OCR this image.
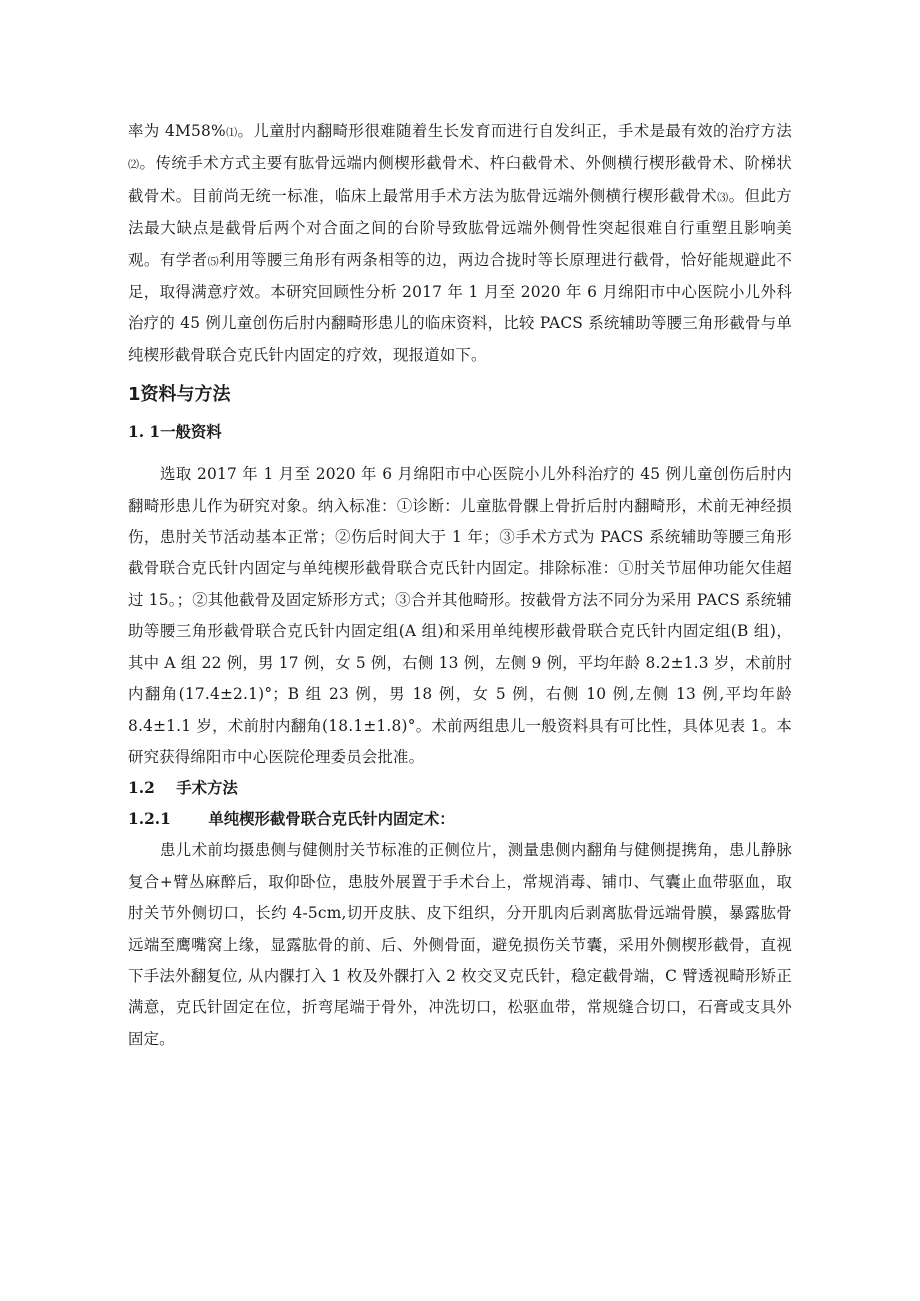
率为 4M58%⑴。儿童肘内翻畸形很难随着生长发育而进行自发纠正，手术是最有效的治疗方法⑵。传统手术方式主要有肱骨远端内侧楔形截骨术、杵臼截骨术、外侧横行楔形截骨术、阶梯状截骨术。目前尚无统一标准，临床上最常用手术方法为肱骨远端外侧横行楔形截骨术⑶。但此方法最大缺点是截骨后两个对合面之间的台阶导致肱骨远端外侧骨性突起很难自行重塑且影响美观。有学者⑸利用等腰三角形有两条相等的边，两边合拢时等长原理进行截骨，恰好能规避此不足，取得满意疗效。本研究回顾性分析 2017 年 1 月至 2020 年 6 月绵阳市中心医院小儿外科治疗的 45 例儿童创伤后肘内翻畸形患儿的临床资料，比较 PACS 系统辅助等腰三角形截骨与单纯楔形截骨联合克氏针内固定的疗效，现报道如下。

1资料与方法
1. 1一般资料

选取 2017 年 1 月至 2020 年 6 月绵阳市中心医院小儿外科治疗的 45 例儿童创伤后肘内翻畸形患儿作为研究对象。纳入标准：①诊断：儿童肱骨髁上骨折后肘内翻畸形，术前无神经损伤，患肘关节活动基本正常；②伤后时间大于 1 年；③手术方式为 PACS 系统辅助等腰三角形截骨联合克氏针内固定与单纯楔形截骨联合克氏针内固定。排除标准：①肘关节屈伸功能欠佳超过 15。；②其他截骨及固定矫形方式；③合并其他畸形。按截骨方法不同分为采用 PACS 系统辅助等腰三角形截骨联合克氏针内固定组(A 组)和采用单纯楔形截骨联合克氏针内固定组(B 组)，其中 A 组 22 例，男 17 例，女 5 例，右侧 13 例，左侧 9 例，平均年龄 8.2±1.3 岁，术前肘内翻角(17.4±2.1)°；B 组 23 例，男 18 例，女 5 例，右侧 10 例,左侧 13 例,平均年龄 8.4±1.1 岁，术前肘内翻角(18.1±1.8)°。术前两组患儿一般资料具有可比性，具体见表 1。本研究获得绵阳市中心医院伦理委员会批准。

1.2    手术方法
1.2.1       单纯楔形截骨联合克氏针内固定术：

患儿术前均摄患侧与健侧肘关节标准的正侧位片，测量患侧内翻角与健侧提携角，患儿静脉复合+臂丛麻醉后，取仰卧位，患肢外展置于手术台上，常规消毒、铺巾、气囊止血带驱血，取肘关节外侧切口，长约 4-5cm,切开皮肤、皮下组织，分开肌肉后剥离肱骨远端骨膜，暴露肱骨远端至鹰嘴窝上缘，显露肱骨的前、后、外侧骨面，避免损伤关节囊，采用外侧楔形截骨，直视下手法外翻复位, 从内髁打入 1 枚及外髁打入 2 枚交叉克氏针，稳定截骨端，C 臂透视畸形矫正满意，克氏针固定在位，折弯尾端于骨外，冲洗切口，松驱血带，常规缝合切口，石膏或支具外固定。
